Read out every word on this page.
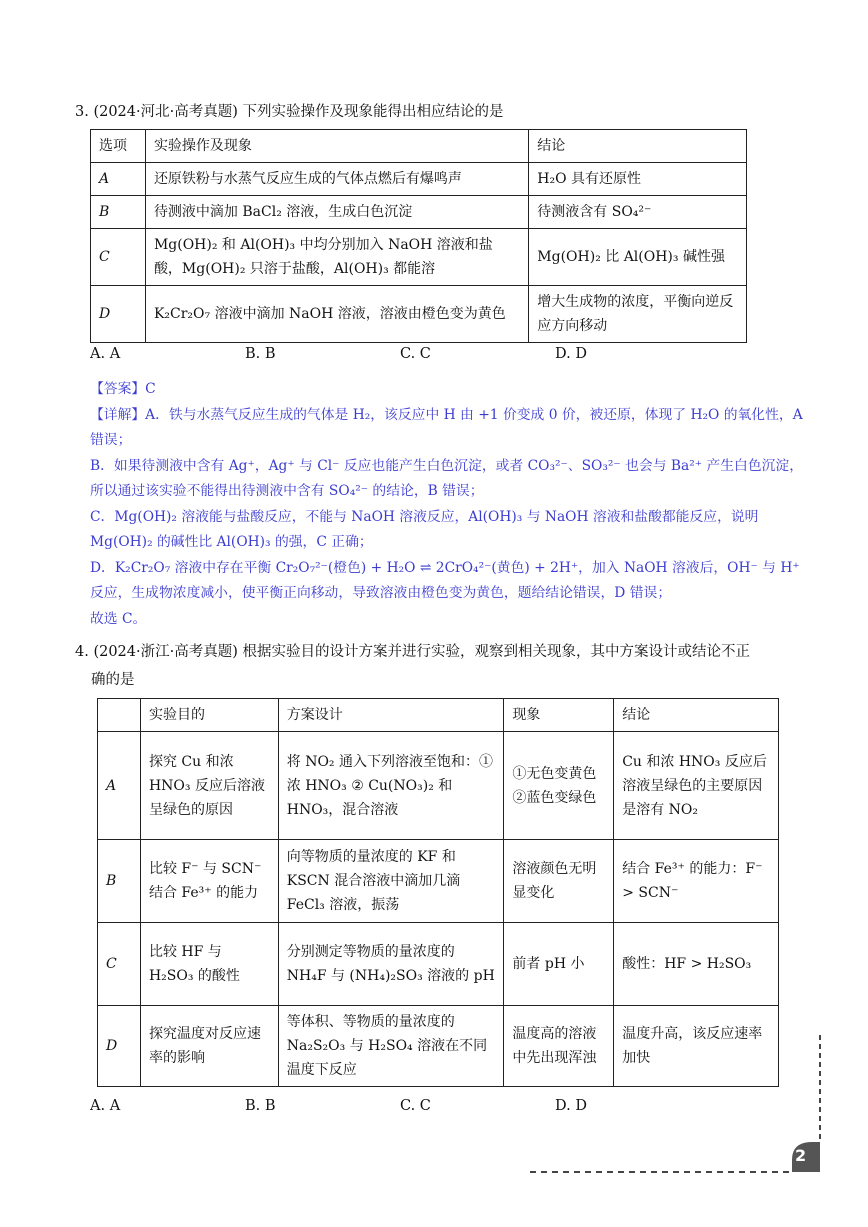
3. (2024·河北·高考真题) 下列实验操作及现象能得出相应结论的是
选项	实验操作及现象	结论
A	还原铁粉与水蒸气反应生成的气体点燃后有爆鸣声	H₂O 具有还原性
B	待测液中滴加 BaCl₂ 溶液，生成白色沉淀	待测液含有 SO₄²⁻
C	Mg(OH)₂ 和 Al(OH)₃ 中均分别加入 NaOH 溶液和盐酸，Mg(OH)₂ 只溶于盐酸，Al(OH)₃ 都能溶	Mg(OH)₂ 比 Al(OH)₃ 碱性强
D	K₂Cr₂O₇ 溶液中滴加 NaOH 溶液，溶液由橙色变为黄色	增大生成物的浓度，平衡向逆反应方向移动
A. A	B. B	C. C	D. D

【答案】C

【详解】A．铁与水蒸气反应生成的气体是 H₂，该反应中 H 由 +1 价变成 0 价，被还原，体现了 H₂O 的氧化性，A 错误；

B．如果待测液中含有 Ag⁺，Ag⁺ 与 Cl⁻ 反应也能产生白色沉淀，或者 CO₃²⁻、SO₃²⁻ 也会与 Ba²⁺ 产生白色沉淀，所以通过该实验不能得出待测液中含有 SO₄²⁻ 的结论，B 错误；

C．Mg(OH)₂ 溶液能与盐酸反应，不能与 NaOH 溶液反应，Al(OH)₃ 与 NaOH 溶液和盐酸都能反应，说明 Mg(OH)₂ 的碱性比 Al(OH)₃ 的强，C 正确；

D．K₂Cr₂O₇ 溶液中存在平衡 Cr₂O₇²⁻(橙色) + H₂O ⇌ 2CrO₄²⁻(黄色) + 2H⁺，加入 NaOH 溶液后，OH⁻ 与 H⁺ 反应，生成物浓度减小，使平衡正向移动，导致溶液由橙色变为黄色，题给结论错误，D 错误；

故选 C。

4. (2024·浙江·高考真题) 根据实验目的设计方案并进行实验，观察到相关现象，其中方案设计或结论不正
确的是
	实验目的	方案设计	现象	结论
A	探究 Cu 和浓 HNO₃ 反应后溶液呈绿色的原因	将 NO₂ 通入下列溶液至饱和：①浓 HNO₃ ② Cu(NO₃)₂ 和 HNO₃，混合溶液	①无色变黄色 ②蓝色变绿色	Cu 和浓 HNO₃ 反应后溶液呈绿色的主要原因是溶有 NO₂
B	比较 F⁻ 与 SCN⁻ 结合 Fe³⁺ 的能力	向等物质的量浓度的 KF 和 KSCN 混合溶液中滴加几滴 FeCl₃ 溶液，振荡	溶液颜色无明显变化	结合 Fe³⁺ 的能力：F⁻ > SCN⁻
C	比较 HF 与 H₂SO₃ 的酸性	分别测定等物质的量浓度的 NH₄F 与 (NH₄)₂SO₃ 溶液的 pH	前者 pH 小	酸性：HF > H₂SO₃
D	探究温度对反应速率的影响	等体积、等物质的量浓度的 Na₂S₂O₃ 与 H₂SO₄ 溶液在不同温度下反应	温度高的溶液中先出现浑浊	温度升高，该反应速率加快
A. A	B. B	C. C	D. D
2
